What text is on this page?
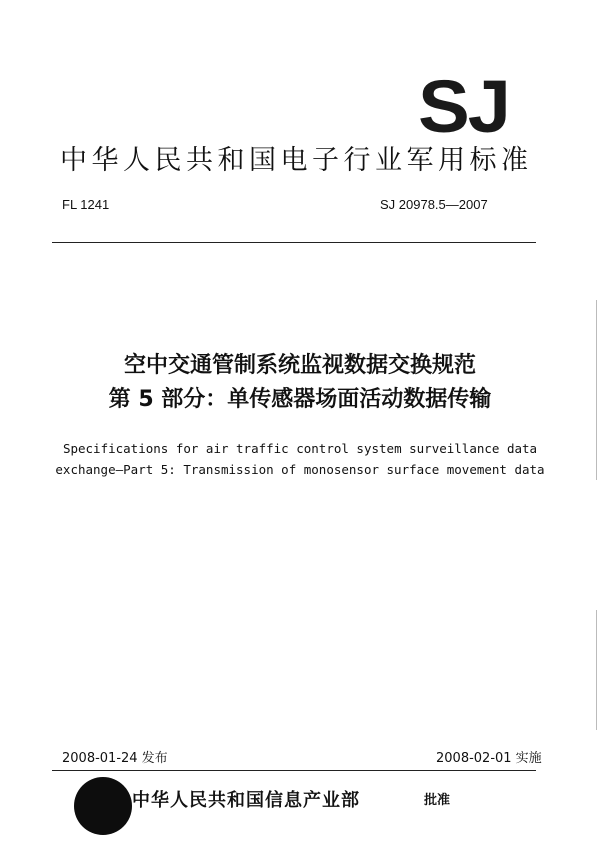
SJ
中华人民共和国电子行业军用标准
FL 1241	SJ 20978.5—2007
空中交通管制系统监视数据交换规范
第 5 部分：单传感器场面活动数据传输
Specifications for air traffic control system surveillance data
exchange—Part 5: Transmission of monosensor surface movement data
2008-01-24 发布	2008-02-01 实施
中华人民共和国信息产业部	批准
